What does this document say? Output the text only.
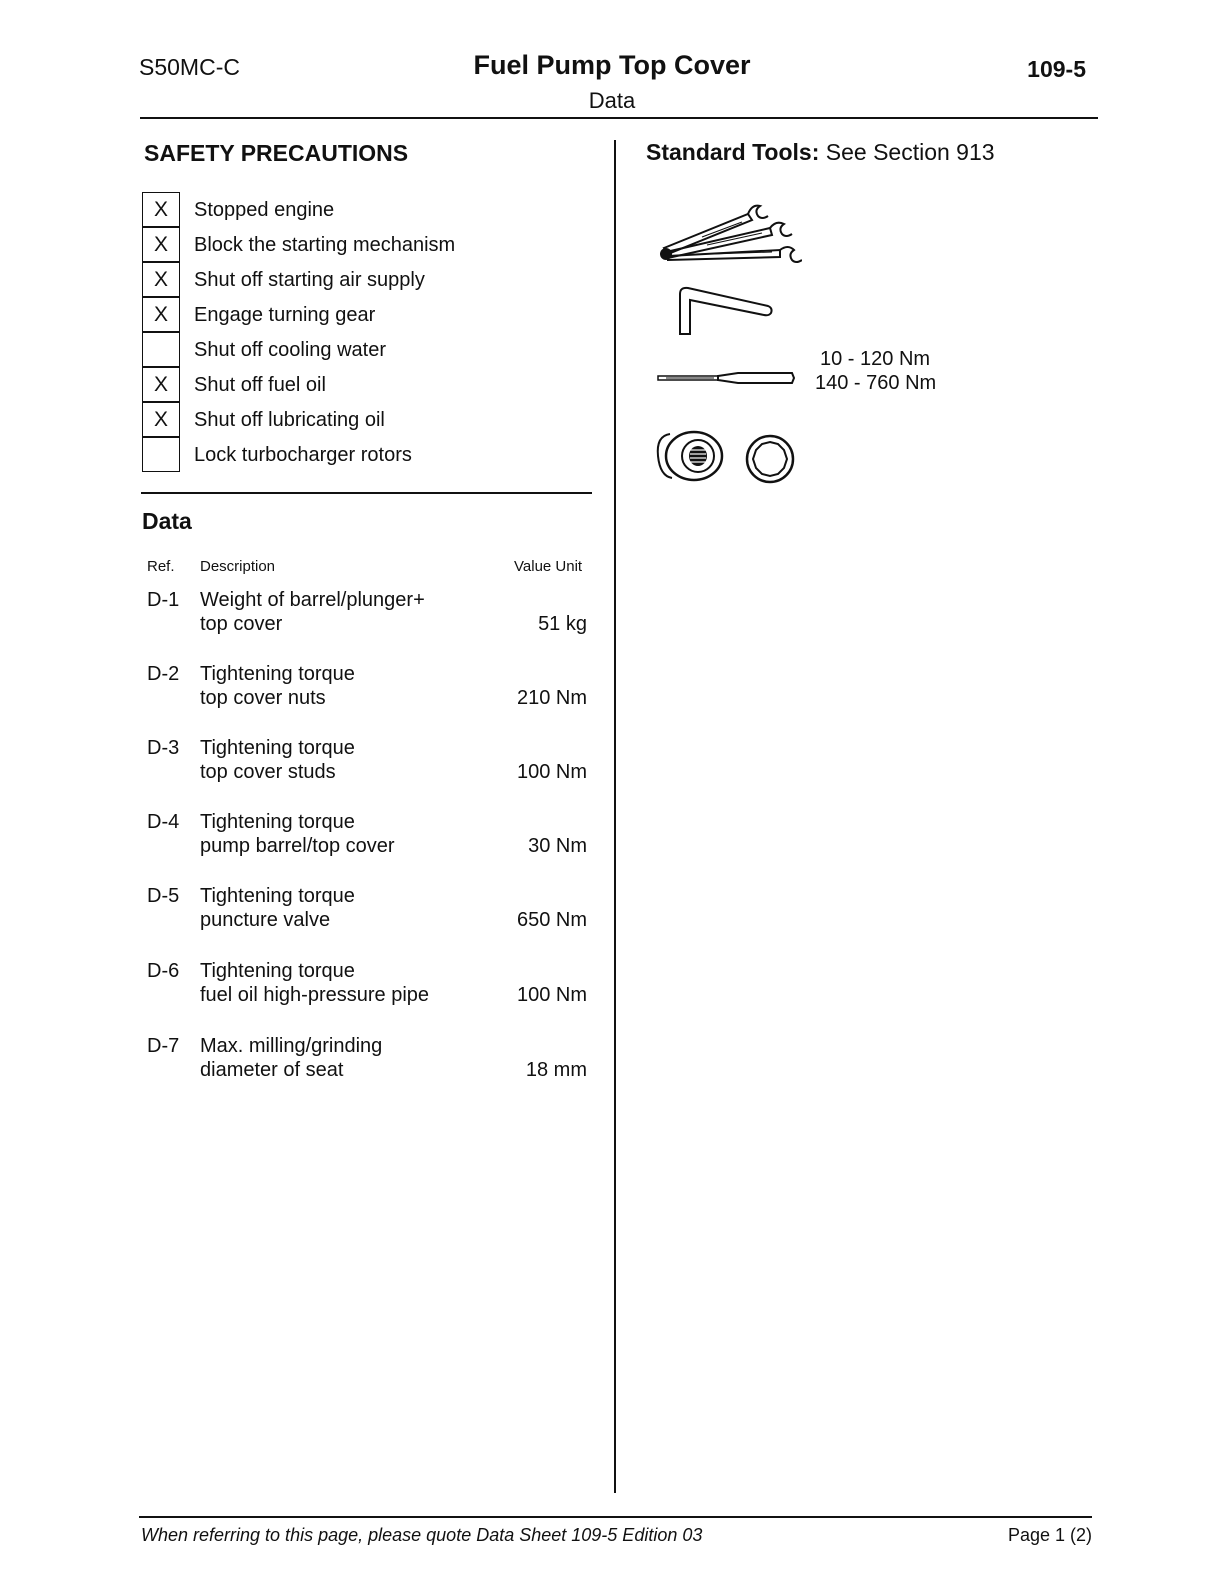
S50MC-C	Fuel Pump Top Cover
Data
109-5
SAFETY PRECAUTIONS
X	Stopped engine
X	Block the starting mechanism
X	Shut off starting air supply
X	Engage turning gear
Shut off cooling water
X	Shut off fuel oil
X	Shut off lubricating oil
Lock turbocharger rotors
Data
Ref. Description	Value Unit
D-1 Weight of barrel/plunger+
top cover	51 kg
D-2 Tightening torque
top cover nuts	210 Nm
D-3 Tightening torque
top cover studs	100 Nm
D-4 Tightening torque
pump barrel/top cover	30 Nm
D-5 Tightening torque
puncture valve	650 Nm
D-6 Tightening torque
fuel oil high-pressure pipe	100 Nm
D-7 Max. milling/grinding
diameter of seat	18 mm
Standard Tools: See Section 913
10 - 120 Nm
140 - 760 Nm
When referring to this page, please quote Data Sheet 109-5 Edition 03	Page 1 (2)
